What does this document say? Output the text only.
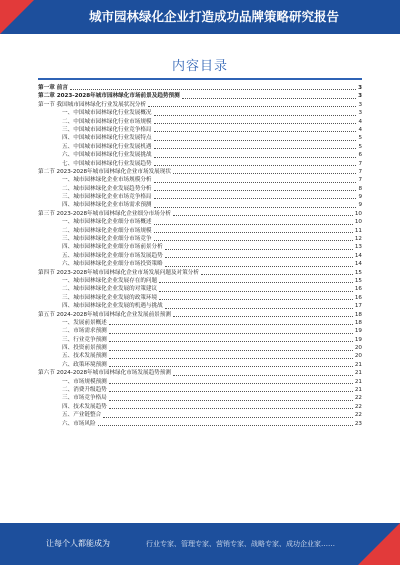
城市园林绿化企业打造成功品牌策略研究报告
内容目录
第一章 前言	3
第二章 2023-2028年城市园林绿化市场前景及趋势预测	3
第一节 我国城市园林绿化行业发展状况分析	3
一、中国城市园林绿化行业发展概况	3
二、中国城市园林绿化行业市场规模	4
三、中国城市园林绿化行业竞争格局	4
四、中国城市园林绿化行业发展特点	5
五、中国城市园林绿化行业发展机遇	5
六、中国城市园林绿化行业发展挑战	6
七、中国城市园林绿化行业发展趋势	7
第二节 2023-2028年城市园林绿化企业市场发展现状	7
一、城市园林绿化企业市场规模分析	7
二、城市园林绿化企业发展趋势分析	8
三、城市园林绿化企业市场竞争格局	9
四、城市园林绿化企业市场需求预测	9
第三节 2023-2028年城市园林绿化企业细分市场分析	10
一、城市园林绿化企业细分市场概述	10
二、城市园林绿化企业细分市场规模	11
三、城市园林绿化企业细分市场竞争	12
四、城市园林绿化企业细分市场前景分析	13
五、城市园林绿化企业细分市场发展趋势	14
六、城市园林绿化企业细分市场投资策略	14
第四节 2023-2028年城市园林绿化企业市场发展问题及对策分析	15
一、城市园林绿化企业发展存在的问题	15
二、城市园林绿化企业发展的对策建议	16
三、城市园林绿化企业发展的政策环境	16
四、城市园林绿化企业发展的机遇与挑战	17
第五节 2024-2028年城市园林绿化企业发展前景预测	18
一、发展前景概述	18
二、市场需求预测	19
三、行业竞争预测	19
四、投资前景预测	20
五、技术发展预测	20
六、政策环境预测	21
第六节 2024-2028年城市园林绿化市场发展趋势预测	21
一、市场规模预测	21
二、消费升级趋势	21
三、市场竞争格局	22
四、技术发展趋势	22
五、产业链整合	22
六、市场风险	23
让每个人都能成为	行业专家、管理专家、营销专家、战略专家、成功企业家……
